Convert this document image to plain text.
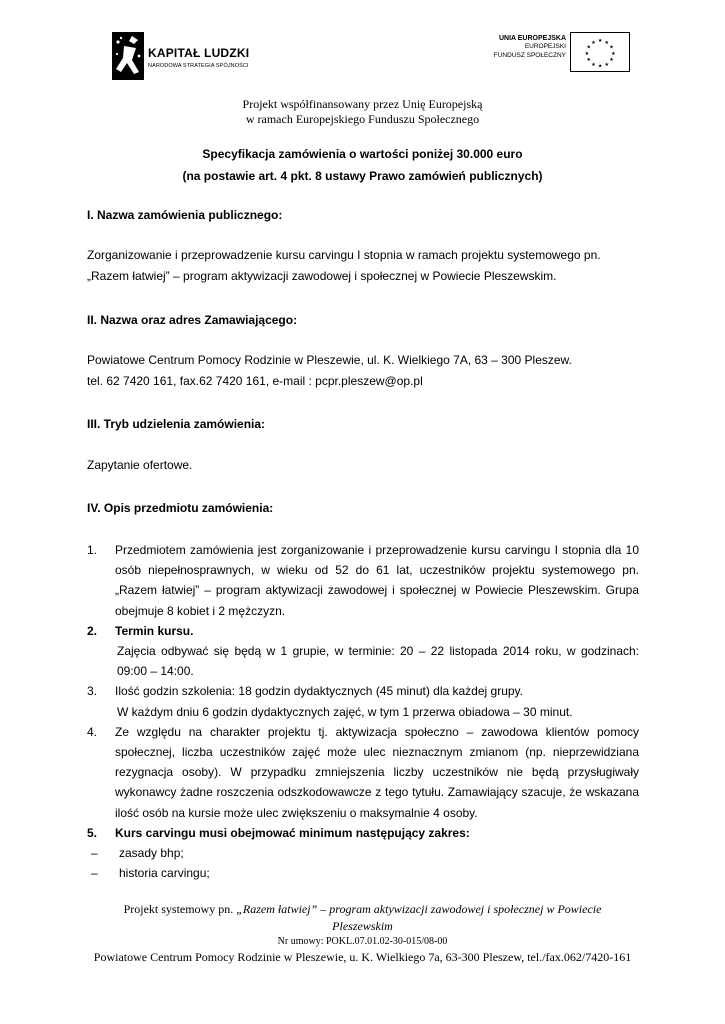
KAPITAŁ LUDZKI
NARODOWA STRATEGIA SPÓJNOŚCI
UNIA EUROPEJSKA
EUROPEJSKI
FUNDUSZ SPOŁECZNY
★ ★
★
★
★
★
★
★
★
★
★
★
Projekt współfinansowany przez Unię Europejską
w ramach Europejskiego Funduszu Społecznego
Specyfikacja zamówienia o wartości poniżej 30.000 euro
(na postawie art. 4 pkt. 8 ustawy Prawo zamówień publicznych)
I. Nazwa zamówienia publicznego:
Zorganizowanie i przeprowadzenie kursu carvingu I stopnia w ramach projektu systemowego pn.
„Razem łatwiej” – program aktywizacji zawodowej i społecznej w Powiecie Pleszewskim.
II. Nazwa oraz adres Zamawiającego:
Powiatowe Centrum Pomocy Rodzinie w Pleszewie, ul. K. Wielkiego 7A, 63 – 300 Pleszew.
tel. 62 7420 161, fax.62 7420 161, e-mail : pcpr.pleszew@op.pl
III. Tryb udzielenia zamówienia:
Zapytanie ofertowe.
IV. Opis przedmiotu zamówienia:
1. Przedmiotem zamówienia jest zorganizowanie i przeprowadzenie kursu carvingu I stopnia dla 10 osób niepełnosprawnych, w wieku od 52 do 61 lat, uczestników projektu systemowego pn. „Razem łatwiej” – program aktywizacji zawodowej i społecznej w Powiecie Pleszewskim. Grupa obejmuje 8 kobiet i 2 mężczyzn.
2. Termin kursu.
Zajęcia odbywać się będą w 1 grupie, w terminie: 20 – 22 listopada 2014 roku, w godzinach: 09:00 – 14:00.
3. Ilość godzin szkolenia: 18 godzin dydaktycznych (45 minut) dla każdej grupy.
W każdym dniu 6 godzin dydaktycznych zajęć, w tym 1 przerwa obiadowa – 30 minut.
4. Ze względu na charakter projektu tj. aktywizacja społeczno – zawodowa klientów pomocy społecznej, liczba uczestników zajęć może ulec nieznacznym zmianom (np. nieprzewidziana rezygnacja osoby). W przypadku zmniejszenia liczby uczestników nie będą przysługiwały wykonawcy żadne roszczenia odszkodowawcze z tego tytułu. Zamawiający szacuje, że wskazana ilość osób na kursie może ulec zwiększeniu o maksymalnie 4 osoby.
5. Kurs carvingu musi obejmować minimum następujący zakres:
– zasady bhp;
– historia carvingu;
Projekt systemowy pn. „Razem łatwiej” – program aktywizacji zawodowej i społecznej w Powiecie
Pleszewskim
Nr umowy: POKL.07.01.02-30-015/08-00
Powiatowe Centrum Pomocy Rodzinie w Pleszewie, u. K. Wielkiego 7a, 63-300 Pleszew, tel./fax.062/7420-161
